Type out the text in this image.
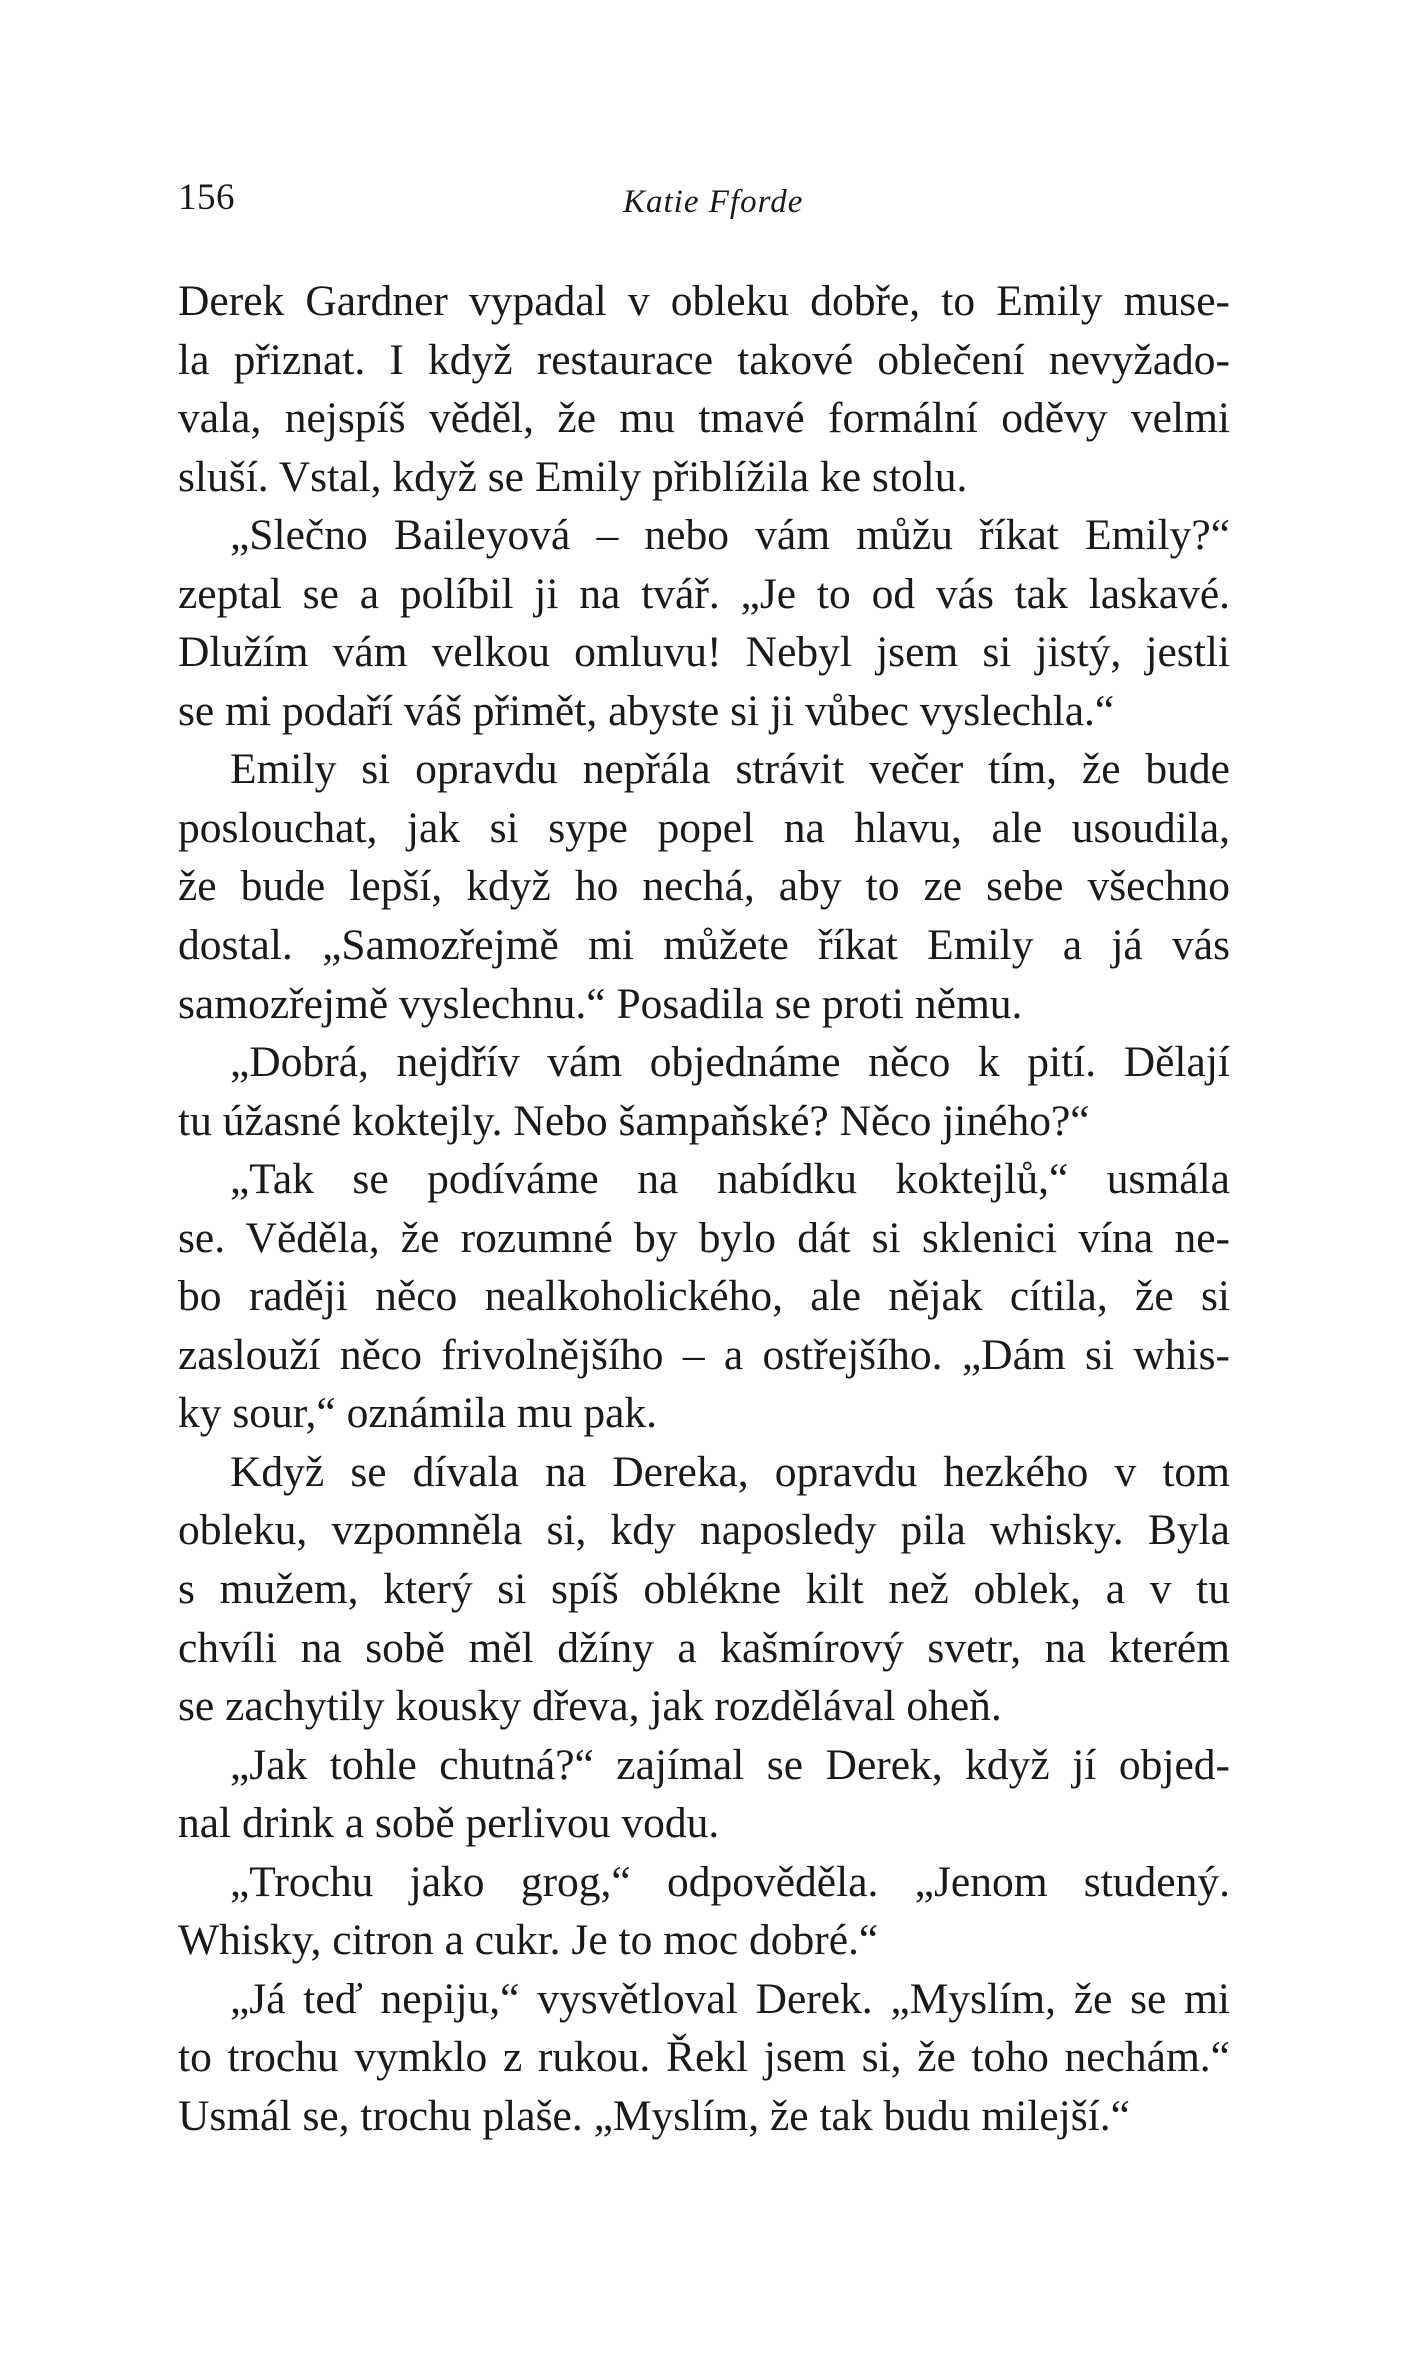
156	Katie Fforde
Derek Gardner vypadal v obleku dobře, to Emily muse-
la přiznat. I když restaurace takové oblečení nevyžado-
vala, nejspíš věděl, že mu tmavé formální oděvy velmi
sluší. Vstal, když se Emily přiblížila ke stolu.
„Slečno Baileyová – nebo vám můžu říkat Emily?“
zeptal se a políbil ji na tvář. „Je to od vás tak laskavé.
Dlužím vám velkou omluvu! Nebyl jsem si jistý, jestli
se mi podaří váš přimět, abyste si ji vůbec vyslechla.“
Emily si opravdu nepřála strávit večer tím, že bude
poslouchat, jak si sype popel na hlavu, ale usoudila,
že bude lepší, když ho nechá, aby to ze sebe všechno
dostal. „Samozřejmě mi můžete říkat Emily a já vás
samozřejmě vyslechnu.“ Posadila se proti němu.
„Dobrá, nejdřív vám objednáme něco k pití. Dělají
tu úžasné koktejly. Nebo šampaňské? Něco jiného?“
„Tak se podíváme na nabídku koktejlů,“ usmála
se. Věděla, že rozumné by bylo dát si sklenici vína ne-
bo raději něco nealkoholického, ale nějak cítila, že si
zaslouží něco frivolnějšího – a ostřejšího. „Dám si whis-
ky sour,“ oznámila mu pak.
Když se dívala na Dereka, opravdu hezkého v tom
obleku, vzpomněla si, kdy naposledy pila whisky. Byla
s mužem, který si spíš oblékne kilt než oblek, a v tu
chvíli na sobě měl džíny a kašmírový svetr, na kterém
se zachytily kousky dřeva, jak rozdělával oheň.
„Jak tohle chutná?“ zajímal se Derek, když jí objed-
nal drink a sobě perlivou vodu.
„Trochu jako grog,“ odpověděla. „Jenom studený.
Whisky, citron a cukr. Je to moc dobré.“
„Já teď nepiju,“ vysvětloval Derek. „Myslím, že se mi
to trochu vymklo z rukou. Řekl jsem si, že toho nechám.“
Usmál se, trochu plaše. „Myslím, že tak budu milejší.“
